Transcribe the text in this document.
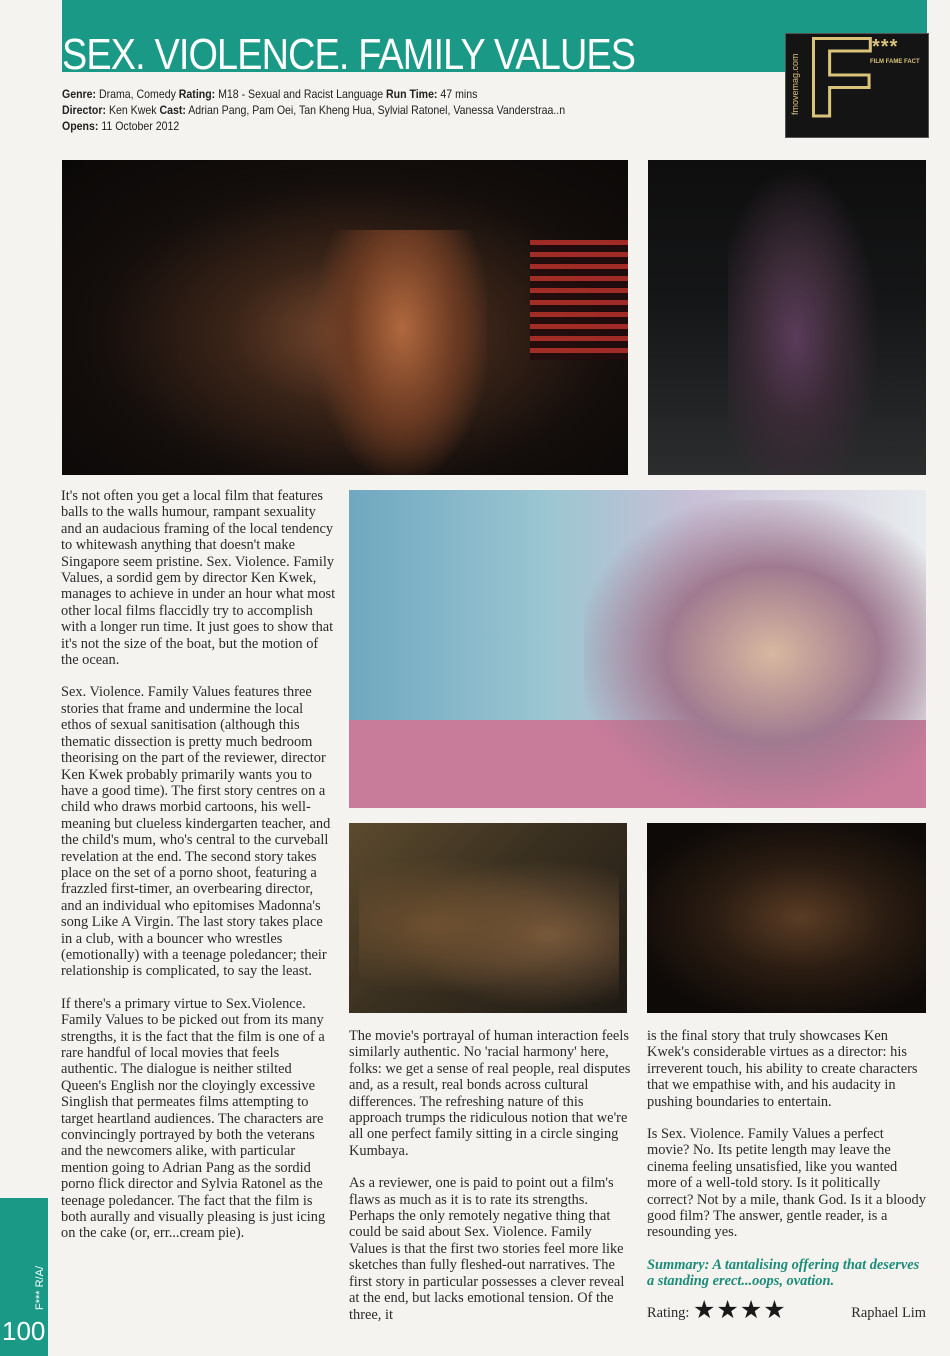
SEX. VIOLENCE. FAMILY VALUES
Genre: Drama, Comedy Rating: M18 - Sexual and Racist Language Run Time: 47 mins
Director: Ken Kwek Cast: Adrian Pang, Pam Oei, Tan Kheng Hua, Sylvial Ratonel, Vanessa Vanderstraa..n
Opens: 11 October 2012
fmovemag.com F
***
FILM FAME FACT

It's not often you get a local film that features balls to the walls humour, rampant sexuality and an audacious framing of the local tendency to whitewash anything that doesn't make Singapore seem pristine. Sex. Violence. Family Values, a sordid gem by director Ken Kwek, manages to achieve in under an hour what most other local films flaccidly try to accomplish with a longer run time. It just goes to show that it's not the size of the boat, but the motion of the ocean.

Sex. Violence. Family Values features three stories that frame and undermine the local ethos of sexual sanitisation (although this thematic dissection is pretty much bedroom theorising on the part of the reviewer, director Ken Kwek probably primarily wants you to have a good time). The first story centres on a child who draws morbid cartoons, his well-meaning but clueless kindergarten teacher, and the child's mum, who's central to the curveball revelation at the end. The second story takes place on the set of a porno shoot, featuring a frazzled first-timer, an overbearing director, and an individual who epitomises Madonna's song Like A Virgin. The last story takes place in a club, with a bouncer who wrestles (emotionally) with a teenage poledancer; their relationship is complicated, to say the least.

If there's a primary virtue to Sex.Violence. Family Values to be picked out from its many strengths, it is the fact that the film is one of a rare handful of local movies that feels authentic. The dialogue is neither stilted Queen's English nor the cloyingly excessive Singlish that permeates films attempting to target heartland audiences. The characters are convincingly portrayed by both the veterans and the newcomers alike, with particular mention going to Adrian Pang as the sordid porno flick director and Sylvia Ratonel as the teenage poledancer. The fact that the film is both aurally and visually pleasing is just icing on the cake (or, err...cream pie).

The movie's portrayal of human interaction feels similarly authentic. No 'racial harmony' here, folks: we get a sense of real people, real disputes and, as a result, real bonds across cultural differences. The refreshing nature of this approach trumps the ridiculous notion that we're all one perfect family sitting in a circle singing Kumbaya.

As a reviewer, one is paid to point out a film's flaws as much as it is to rate its strengths. Perhaps the only remotely negative thing that could be said about Sex. Violence. Family Values is that the first two stories feel more like sketches than fully fleshed-out narratives. The first story in particular possesses a clever reveal at the end, but lacks emotional tension. Of the three, it

is the final story that truly showcases Ken Kwek's considerable virtues as a director: his irreverent touch, his ability to create characters that we empathise with, and his audacity in pushing boundaries to entertain.

Is Sex. Violence. Family Values a perfect movie? No. Its petite length may leave the cinema feeling unsatisfied, like you wanted more of a well-told story. Is it politically correct? Not by a mile, thank God. Is it a bloody good film? The answer, gentle reader, is a resounding yes.

Summary: A tantalising offering that deserves a standing erect...oops, ovation.

Rating: ★★★★	Raphael Lim
F*** R/A/
100
